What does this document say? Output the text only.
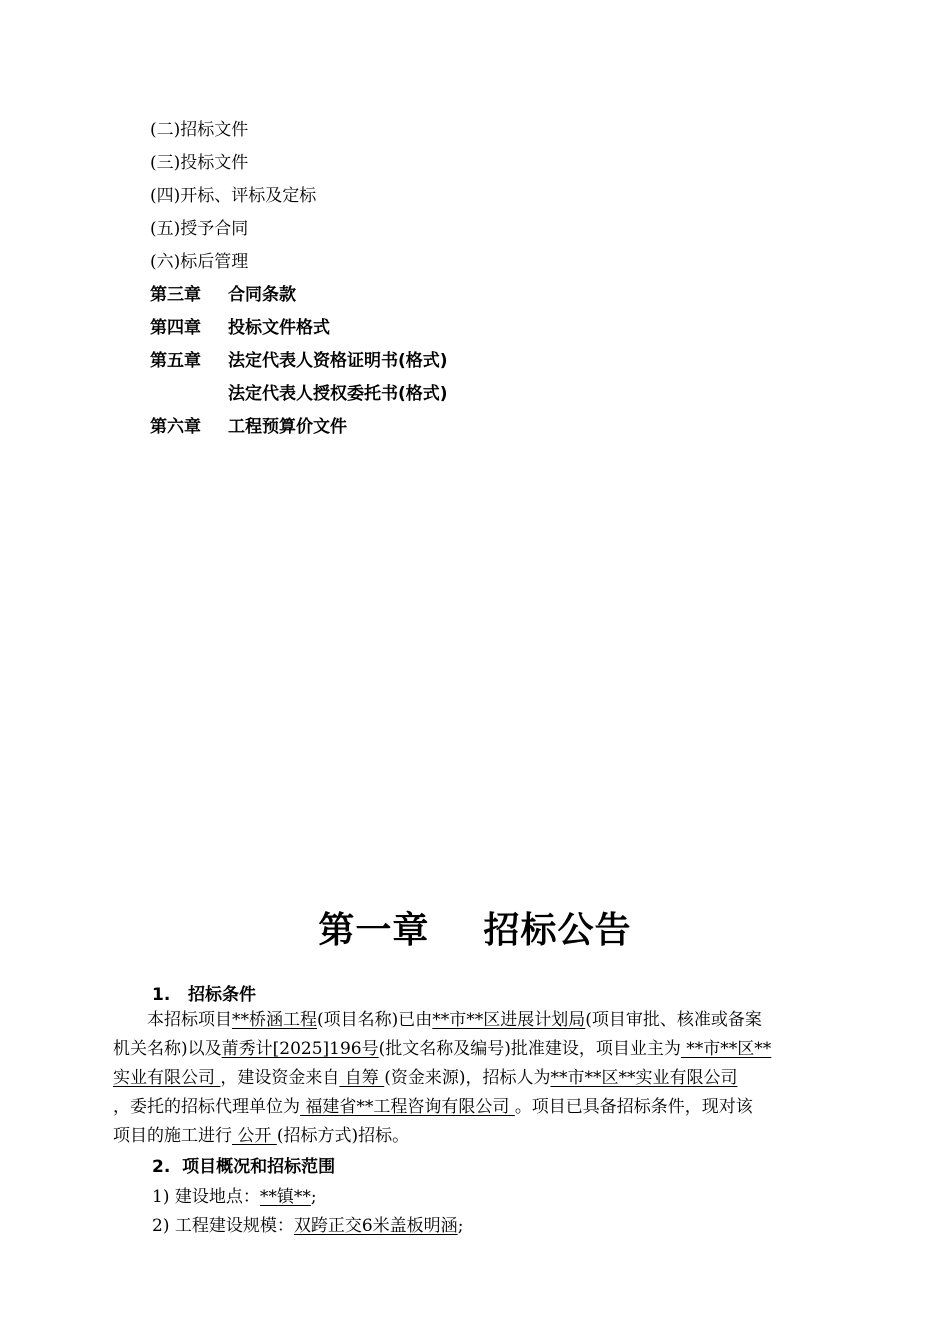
(二)招标文件
(三)投标文件
(四)开标、评标及定标
(五)授予合同
(六)标后管理
第三章 合同条款
第四章 投标文件格式
第五章 法定代表人资格证明书(格式)
法定代表人授权委托书(格式)
第六章 工程预算价文件
第一章    招标公告
1.   招标条件
　　本招标项目**桥涵工程(项目名称)已由**市**区进展计划局(项目审批、核准或备案
机关名称)以及莆秀计[2025]196号(批文名称及编号)批准建设，项目业主为 **市**区**
实业有限公司 ，建设资金来自 自筹 (资金来源)，招标人为**市**区**实业有限公司
，委托的招标代理单位为 福建省**工程咨询有限公司 。项目已具备招标条件，现对该
项目的施工进行 公开 (招标方式)招标。
2.  项目概况和招标范围
1) 建设地点：**镇**;
2) 工程建设规模：双跨正交6米盖板明涵;
